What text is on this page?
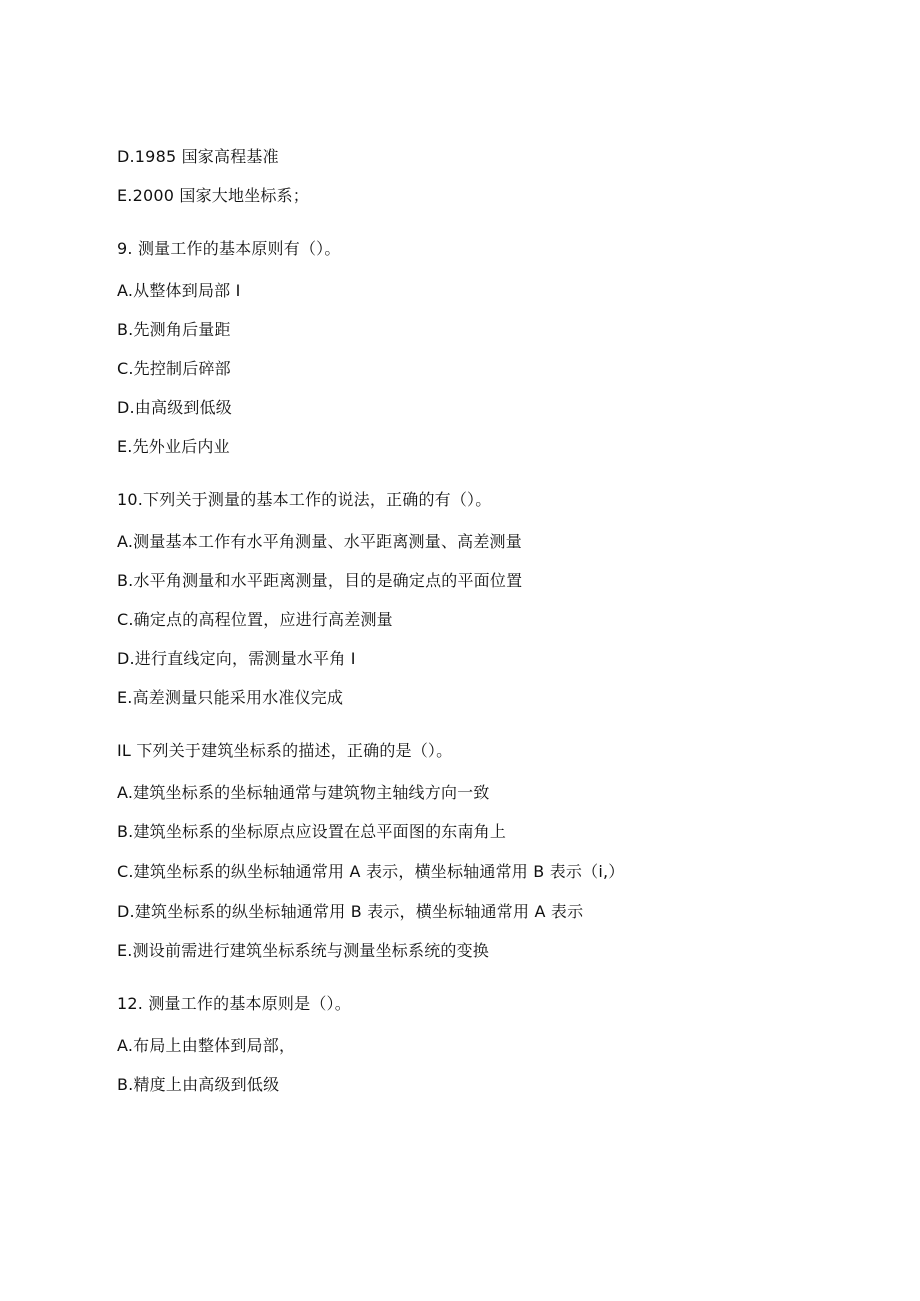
D.1985 国家高程基准
E.2000 国家大地坐标系；
9. 测量工作的基本原则有（）。
A.从整体到局部 I
B.先测角后量距
C.先控制后碎部
D.由高级到低级
E.先外业后内业
10.下列关于测量的基本工作的说法，正确的有（）。
A.测量基本工作有水平角测量、水平距离测量、高差测量
B.水平角测量和水平距离测量，目的是确定点的平面位置
C.确定点的高程位置，应进行高差测量
D.进行直线定向，需测量水平角 I
E.高差测量只能采用水准仪完成
IL 下列关于建筑坐标系的描述，正确的是（）。
A.建筑坐标系的坐标轴通常与建筑物主轴线方向一致
B.建筑坐标系的坐标原点应设置在总平面图的东南角上
C.建筑坐标系的纵坐标轴通常用 A 表示，横坐标轴通常用 B 表示（i,）
D.建筑坐标系的纵坐标轴通常用 B 表示，横坐标轴通常用 A 表示
E.测设前需进行建筑坐标系统与测量坐标系统的变换
12. 测量工作的基本原则是（）。
A.布局上由整体到局部，
B.精度上由高级到低级
